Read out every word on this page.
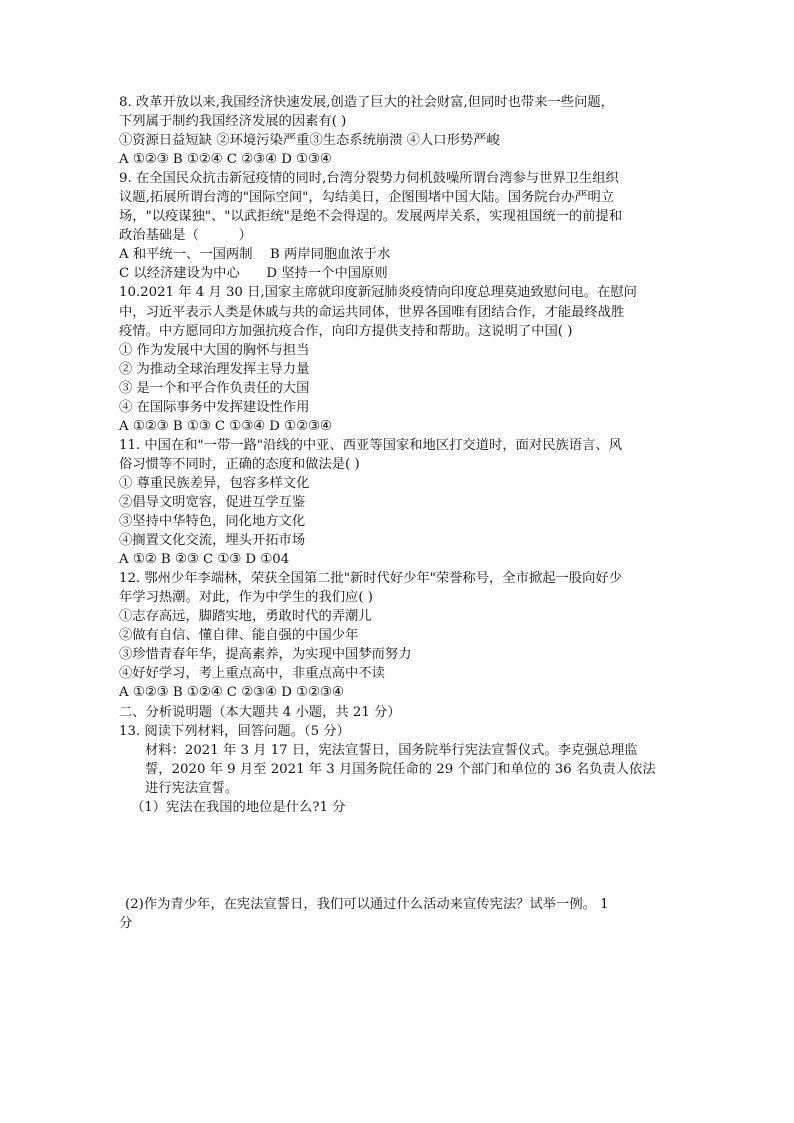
8. 改革开放以来,我国经济快速发展,创造了巨大的社会财富,但同时也带来一些问题，
下列属于制约我国经济发展的因素有( )
①资源日益短缺 ②环境污染严重③生态系统崩溃 ④人口形势严峻
A ①②③ B ①②④ C ②③④ D ①③④
9. 在全国民众抗击新冠疫情的同时,台湾分裂势力伺机鼓噪所谓台湾参与世界卫生组织
议题,拓展所谓台湾的"国际空间"，勾结美日，企图围堵中国大陆。国务院台办严明立
场，"以疫谋独"、"以武拒统"是绝不会得逞的。发展两岸关系，实现祖国统一的前提和
政治基础是（　　　）
A 和平统一、一国两制　 B 两岸同胞血浓于水
C 以经济建设为中心　　D 坚持一个中国原则
10.2021 年 4 月 30 日,国家主席就印度新冠肺炎疫情向印度总理莫迪致慰问电。在慰问
中，习近平表示人类是休戚与共的命运共同体，世界各国唯有团结合作，才能最终战胜
疫情。中方愿同印方加强抗疫合作，向印方提供支持和帮助。这说明了中国( )
① 作为发展中大国的胸怀与担当
② 为推动全球治理发挥主导力量
③ 是一个和平合作负责任的大国
④ 在国际事务中发挥建设性作用
A ①②③ B ①③ C ①③④ D ①②③④
11. 中国在和"一带一路"沿线的中亚、西亚等国家和地区打交道时，面对民族语言、风
俗习惯等不同时，正确的态度和做法是( )
① 尊重民族差异，包容多样文化
②倡导文明宽容，促进互学互鉴
③坚持中华特色，同化地方文化
④搁置文化交流，埋头开拓市场
A ①② B ②③ C ①③ D ①04
12. 鄂州少年李端林，荣获全国第二批"新时代好少年"荣誉称号，全市掀起一股向好少
年学习热潮。对此，作为中学生的我们应( )
①志存高远，脚踏实地，勇敢时代的弄潮儿
②做有自信、懂自律、能自强的中国少年
③珍惜青春年华，提高素养，为实现中国梦而努力
④好好学习，考上重点高中，非重点高中不读
A ①②③ B ①②④ C ②③④ D ①②③④
二、分析说明题（本大题共 4 小题，共 21 分）
13. 阅读下列材料，回答问题。（5 分）
材料：2021 年 3 月 17 日，宪法宣誓日，国务院举行宪法宣誓仪式。李克强总理监
誓，2020 年 9 月至 2021 年 3 月国务院任命的 29 个部门和单位的 36 名负责人依法
进行宪法宣誓。
（1）宪法在我国的地位是什么?1 分
(2)作为青少年，在宪法宣誓日，我们可以通过什么活动来宣传宪法？试举一例。 1
分
